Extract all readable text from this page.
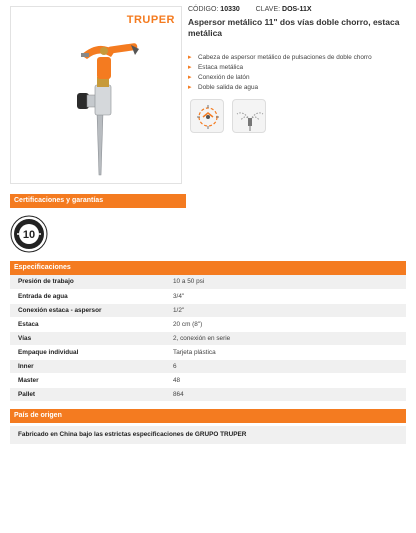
TRUPER
CÓDIGO: 10330 CLAVE: DOS-11X
Aspersor metálico 11" dos vías doble chorro, estaca metálica
▸ Cabeza de aspersor metálico de pulsaciones de doble chorro
▸ Estaca metálica
▸ Conexión de latón
▸ Doble salida de agua
Certificaciones y garantías
10
Especificaciones
Presión de trabajo	10 a 50 psi
Entrada de agua	3/4"
Conexión estaca - aspersor	1/2"
Estaca	20 cm (8")
Vías	2, conexión en serie
Empaque individual	Tarjeta plástica
Inner	6
Master	48
Pallet	864
País de origen
Fabricado en China bajo las estrictas especificaciones de GRUPO TRUPER
